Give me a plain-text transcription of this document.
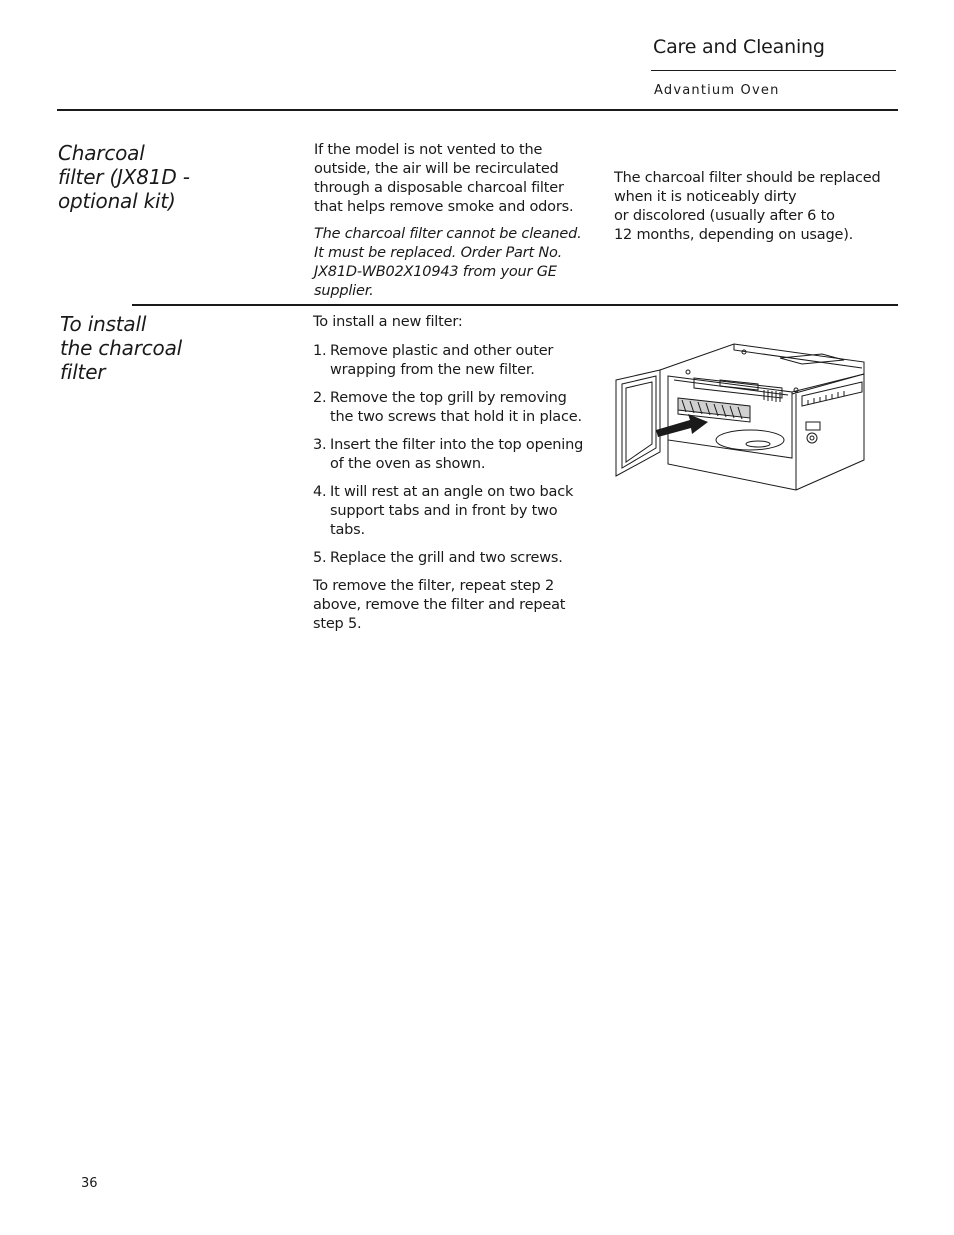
Care and Cleaning
Advantium Oven
Charcoal
filter (JX81D -
optional kit)

If the model is not vented to the outside, the air will be recirculated through a disposable charcoal filter that helps remove smoke and odors.

The charcoal filter cannot be cleaned. It must be replaced. Order Part No. JX81D-WB02X10943 from your GE supplier.

The charcoal filter should be replaced when it is noticeably dirty
or discolored (usually after 6 to
12 months, depending on usage).
To install
the charcoal
filter

To install a new filter:

1. Remove plastic and other outer wrapping from the new filter.
2. Remove the top grill by removing the two screws that hold it in place.
3. Insert the filter into the top opening of the oven as shown.
4. It will rest at an angle on two back support tabs and in front by two tabs.
5. Replace the grill and two screws.

To remove the filter, repeat step 2 above, remove the filter and repeat step 5.

36
